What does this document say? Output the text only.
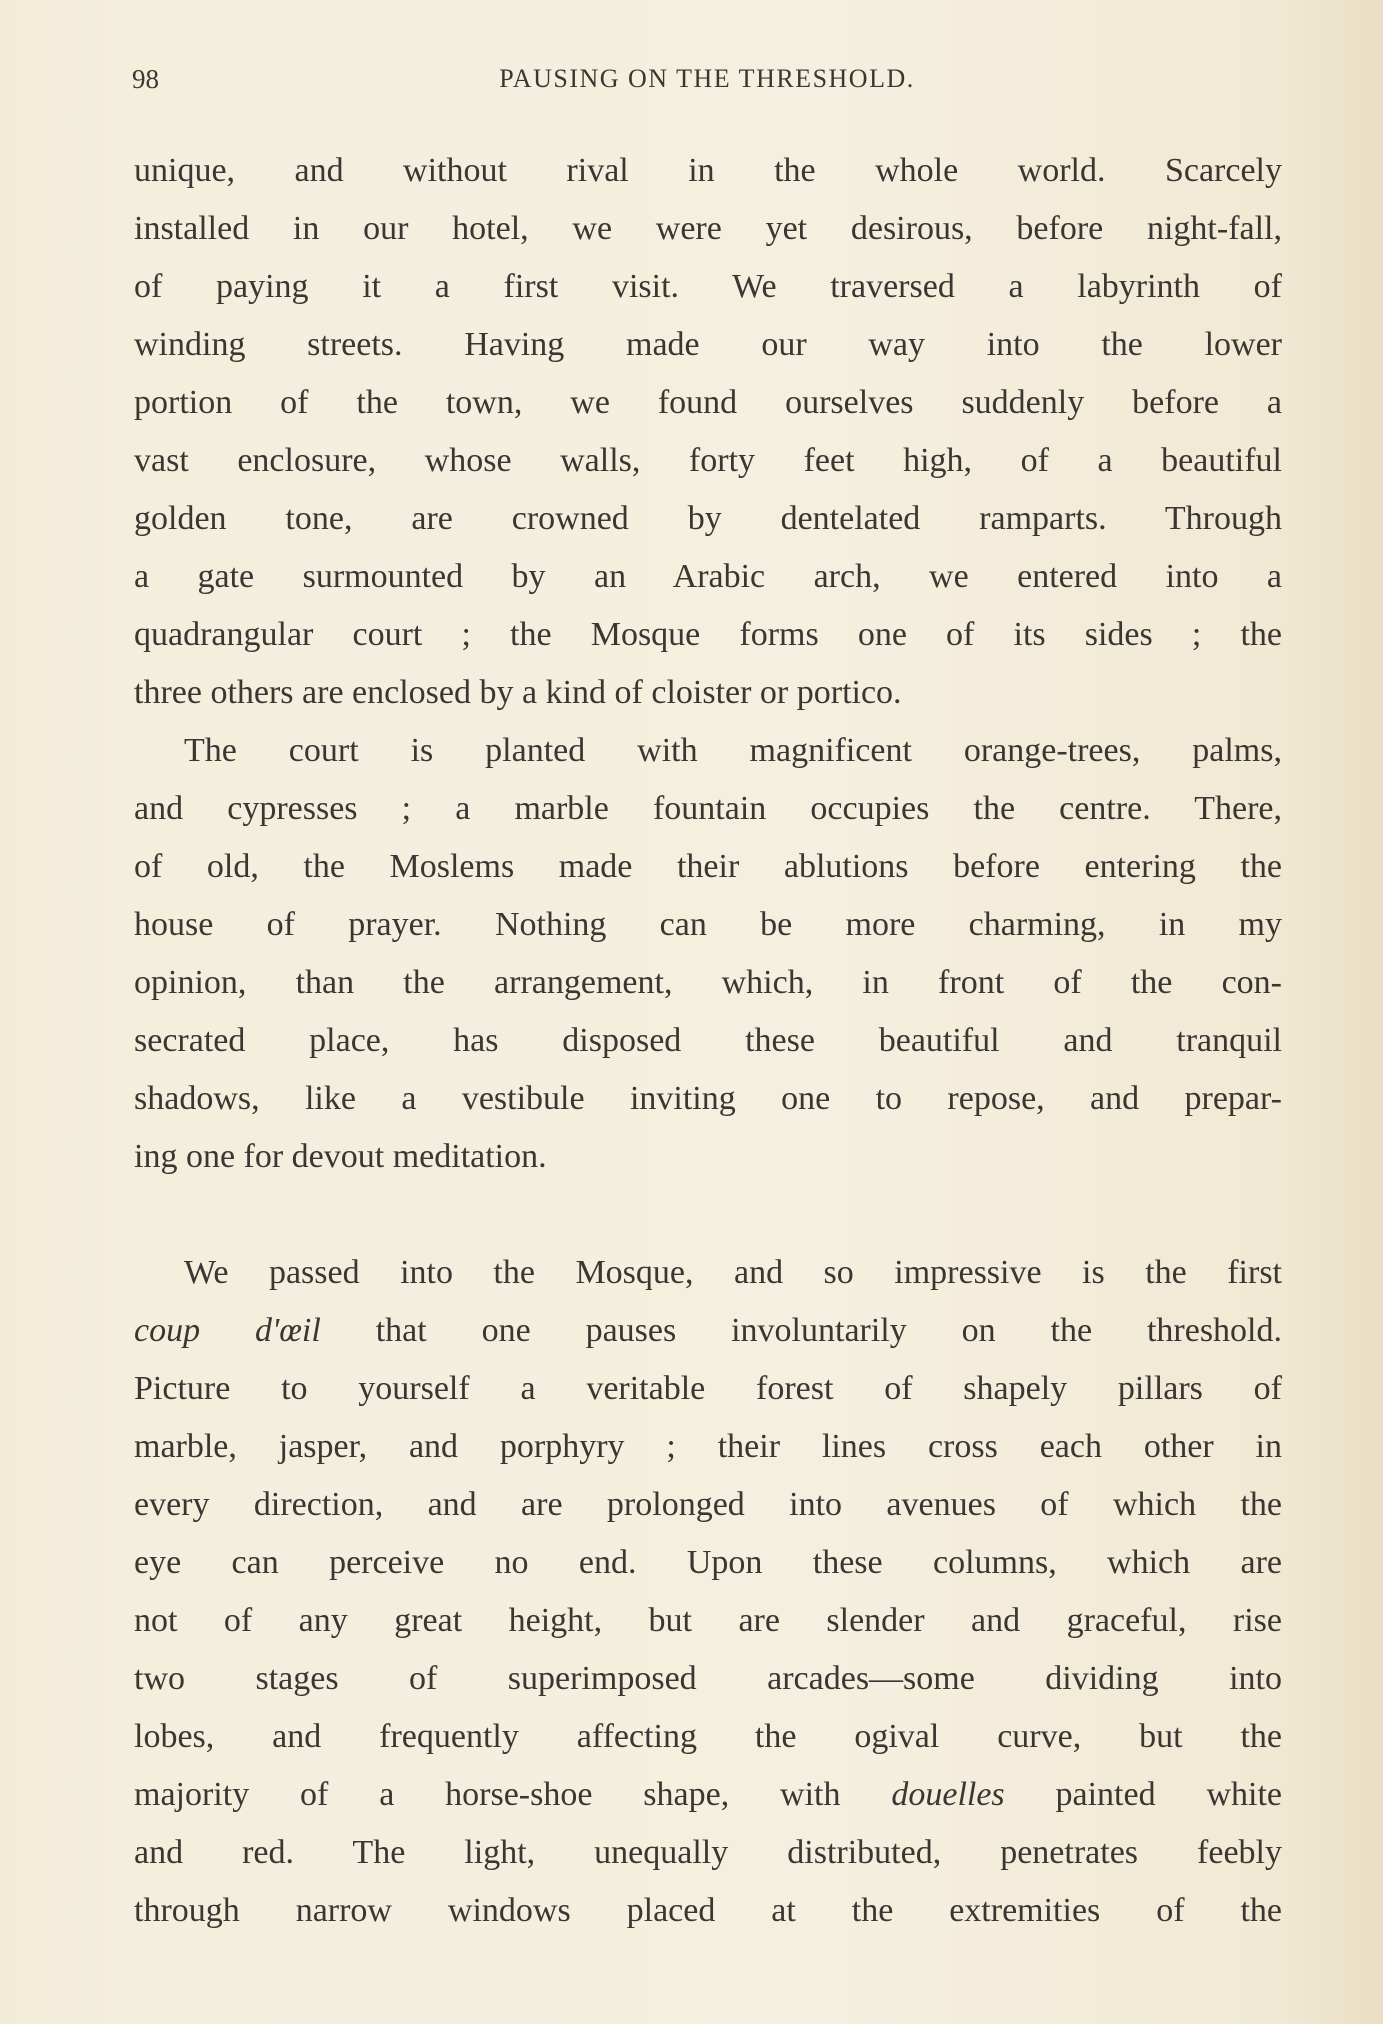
98	PAUSING ON THE THRESHOLD.
unique, and without rival in the whole world. Scarcely
installed in our hotel, we were yet desirous, before night-fall,
of paying it a first visit. We traversed a labyrinth of
winding streets. Having made our way into the lower
portion of the town, we found ourselves suddenly before a
vast enclosure, whose walls, forty feet high, of a beautiful
golden tone, are crowned by dentelated ramparts. Through
a gate surmounted by an Arabic arch, we entered into a
quadrangular court ; the Mosque forms one of its sides ; the
three others are enclosed by a kind of cloister or portico.
The court is planted with magnificent orange-trees, palms,
and cypresses ; a marble fountain occupies the centre. There,
of old, the Moslems made their ablutions before entering the
house of prayer. Nothing can be more charming, in my
opinion, than the arrangement, which, in front of the con-
secrated place, has disposed these beautiful and tranquil
shadows, like a vestibule inviting one to repose, and prepar-
ing one for devout meditation.
We passed into the Mosque, and so impressive is the first
coup d'œil that one pauses involuntarily on the threshold.
Picture to yourself a veritable forest of shapely pillars of
marble, jasper, and porphyry ; their lines cross each other in
every direction, and are prolonged into avenues of which the
eye can perceive no end. Upon these columns, which are
not of any great height, but are slender and graceful, rise
two stages of superimposed arcades—some dividing into
lobes, and frequently affecting the ogival curve, but the
majority of a horse-shoe shape, with douelles painted white
and red. The light, unequally distributed, penetrates feebly
through narrow windows placed at the extremities of the
